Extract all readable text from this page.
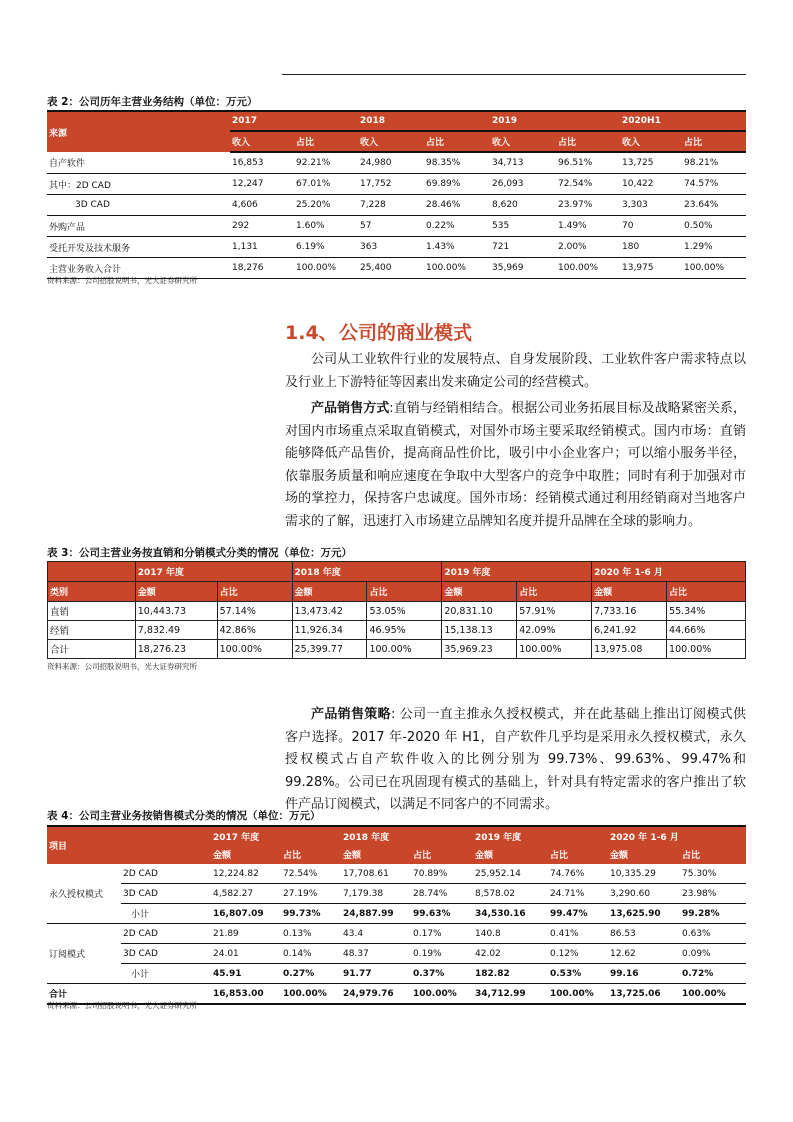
表 2：公司历年主营业务结构（单位：万元）
来源	2017		2018		2019		2020H1	
	收入	占比	收入	占比	收入	占比	收入	占比
自产软件	16,853	92.21%	24,980	98.35%	34,713	96.51%	13,725	98.21%
其中：2D CAD	12,247	67.01%	17,752	69.89%	26,093	72.54%	10,422	74.57%
3D CAD	4,606	25.20%	7,228	28.46%	8,620	23.97%	3,303	23.64%
外购产品	292	1.60%	57	0.22%	535	1.49%	70	0.50%
受托开发及技术服务	1,131	6.19%	363	1.43%	721	2.00%	180	1.29%
主营业务收入合计	18,276	100.00%	25,400	100.00%	35,969	100.00%	13,975	100.00%
资料来源：公司招股说明书，光大证券研究所
1.4、公司的商业模式
公司从工业软件行业的发展特点、自身发展阶段、工业软件客户需求特点以及行业上下游特征等因素出发来确定公司的经营模式。
产品销售方式:直销与经销相结合。根据公司业务拓展目标及战略紧密关系，对国内市场重点采取直销模式，对国外市场主要采取经销模式。国内市场：直销能够降低产品售价，提高商品性价比，吸引中小企业客户；可以缩小服务半径，依靠服务质量和响应速度在争取中大型客户的竞争中取胜；同时有利于加强对市场的掌控力，保持客户忠诚度。国外市场：经销模式通过利用经销商对当地客户需求的了解，迅速打入市场建立品牌知名度并提升品牌在全球的影响力。
表 3：公司主营业务按直销和分销模式分类的情况（单位：万元）
	2017 年度		2018 年度		2019 年度		2020 年 1-6 月	
类别	金额	占比	金额	占比	金额	占比	金额	占比
直销	10,443.73	57.14%	13,473.42	53.05%	20,831.10	57.91%	7,733.16	55.34%
经销	7,832.49	42.86%	11,926.34	46.95%	15,138.13	42.09%	6,241.92	44.66%
合计	18,276.23	100.00%	25,399.77	100.00%	35,969.23	100.00%	13,975.08	100.00%
资料来源：公司招股说明书，光大证券研究所
产品销售策略: 公司一直主推永久授权模式，并在此基础上推出订阅模式供客户选择。2017 年-2020 年 H1，自产软件几乎均是采用永久授权模式，永久授权模式占自产软件收入的比例分别为 99.73%、99.63%、99.47%和 99.28%。公司已在巩固现有模式的基础上，针对具有特定需求的客户推出了软件产品订阅模式，以满足不同客户的不同需求。
表 4：公司主营业务按销售模式分类的情况（单位：万元）
项目		2017 年度		2018 年度		2019 年度		2020 年 1-6 月	
		金额	占比	金额	占比	金额	占比	金额	占比
永久授权模式	2D CAD	12,224.82	72.54%	17,708.61	70.89%	25,952.14	74.76%	10,335.29	75.30%
	3D CAD	4,582.27	27.19%	7,179.38	28.74%	8,578.02	24.71%	3,290.60	23.98%
	小计	16,807.09	99.73%	24,887.99	99.63%	34,530.16	99.47%	13,625.90	99.28%
订阅模式	2D CAD	21.89	0.13%	43.4	0.17%	140.8	0.41%	86.53	0.63%
	3D CAD	24.01	0.14%	48.37	0.19%	42.02	0.12%	12.62	0.09%
	小计	45.91	0.27%	91.77	0.37%	182.82	0.53%	99.16	0.72%
合计		16,853.00	100.00%	24,979.76	100.00%	34,712.99	100.00%	13,725.06	100.00%
资料来源：公司招股说明书，光大证券研究所
